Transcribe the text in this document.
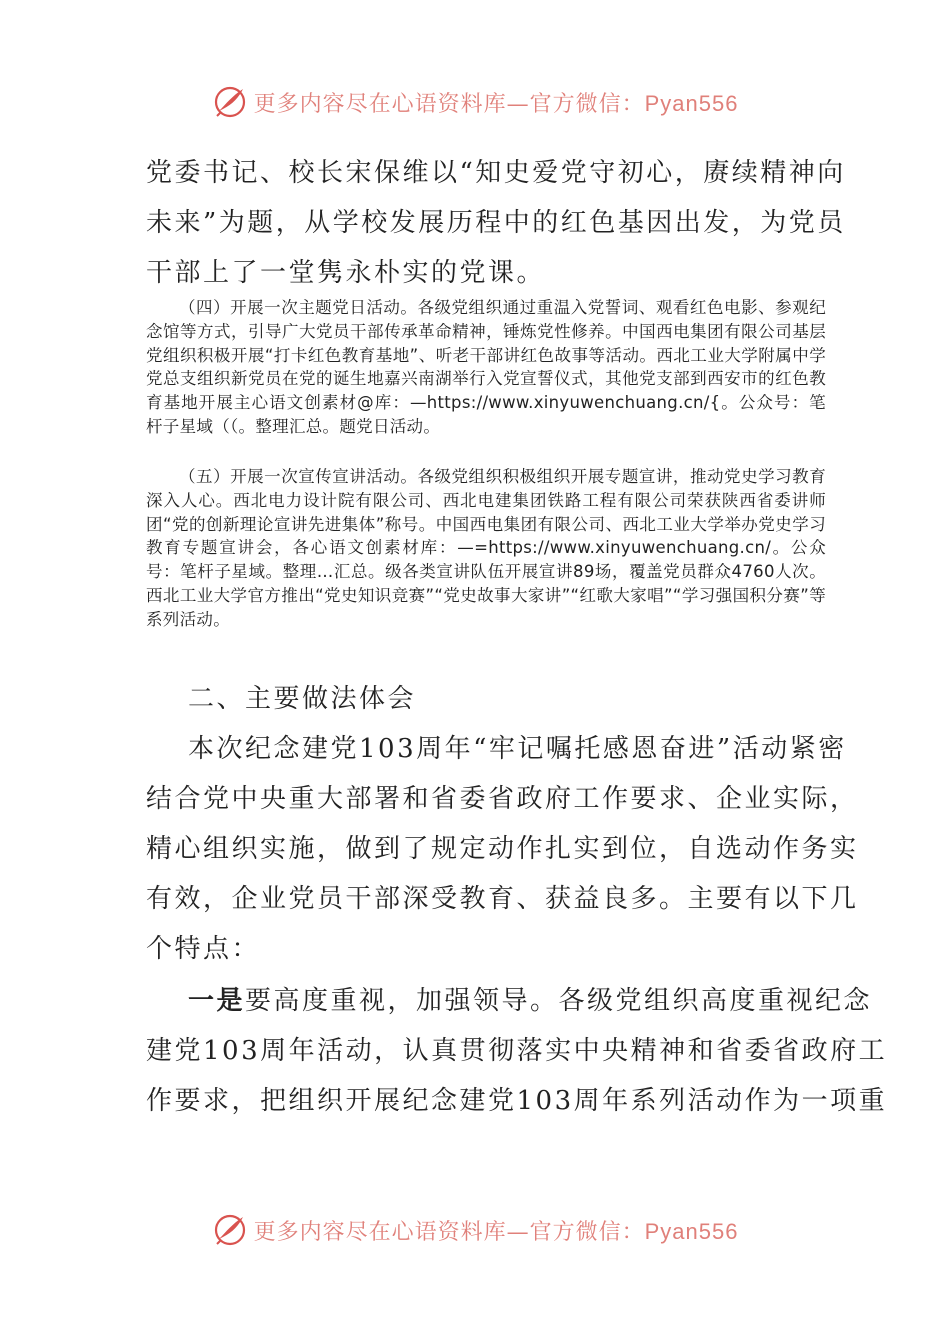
更多内容尽在心语资料库—官方微信：Pyan556
党委书记、校长宋保维以“知史爱党守初心，赓续精神向
未来”为题，从学校发展历程中的红色基因出发，为党员
干部上了一堂隽永朴实的党课。

（四）开展一次主题党日活动。各级党组织通过重温入党誓词、观看红色电影、参观纪念馆等方式，引导广大党员干部传承革命精神，锤炼党性修养。中国西电集团有限公司基层党组织积极开展“打卡红色教育基地”、听老干部讲红色故事等活动。西北工业大学附属中学党总支组织新党员在党的诞生地嘉兴南湖举行入党宣誓仪式，其他党支部到西安市的红色教育基地开展主心语文创素材@库：—https://www.xinyuwenchuang.cn/{。公众号：笔杆子星域（（。整理汇总。题党日活动。

（五）开展一次宣传宣讲活动。各级党组织积极组织开展专题宣讲，推动党史学习教育深入人心。西北电力设计院有限公司、西北电建集团铁路工程有限公司荣获陕西省委讲师团“党的创新理论宣讲先进集体”称号。中国西电集团有限公司、西北工业大学举办党史学习教育专题宣讲会，各心语文创素材库：—=https://www.xinyuwenchuang.cn/。公众号：笔杆子星域。整理…汇总。级各类宣讲队伍开展宣讲89场，覆盖党员群众4760人次。西北工业大学官方推出“党史知识竞赛”“党史故事大家讲”“红歌大家唱”“学习强国积分赛”等系列活动。

二、主要做法体会
本次纪念建党103周年“牢记嘱托感恩奋进”活动紧密
结合党中央重大部署和省委省政府工作要求、企业实际，
精心组织实施，做到了规定动作扎实到位，自选动作务实
有效，企业党员干部深受教育、获益良多。主要有以下几
个特点：
一是要高度重视，加强领导。各级党组织高度重视纪念
建党103周年活动，认真贯彻落实中央精神和省委省政府工
作要求，把组织开展纪念建党103周年系列活动作为一项重
更多内容尽在心语资料库—官方微信：Pyan556
